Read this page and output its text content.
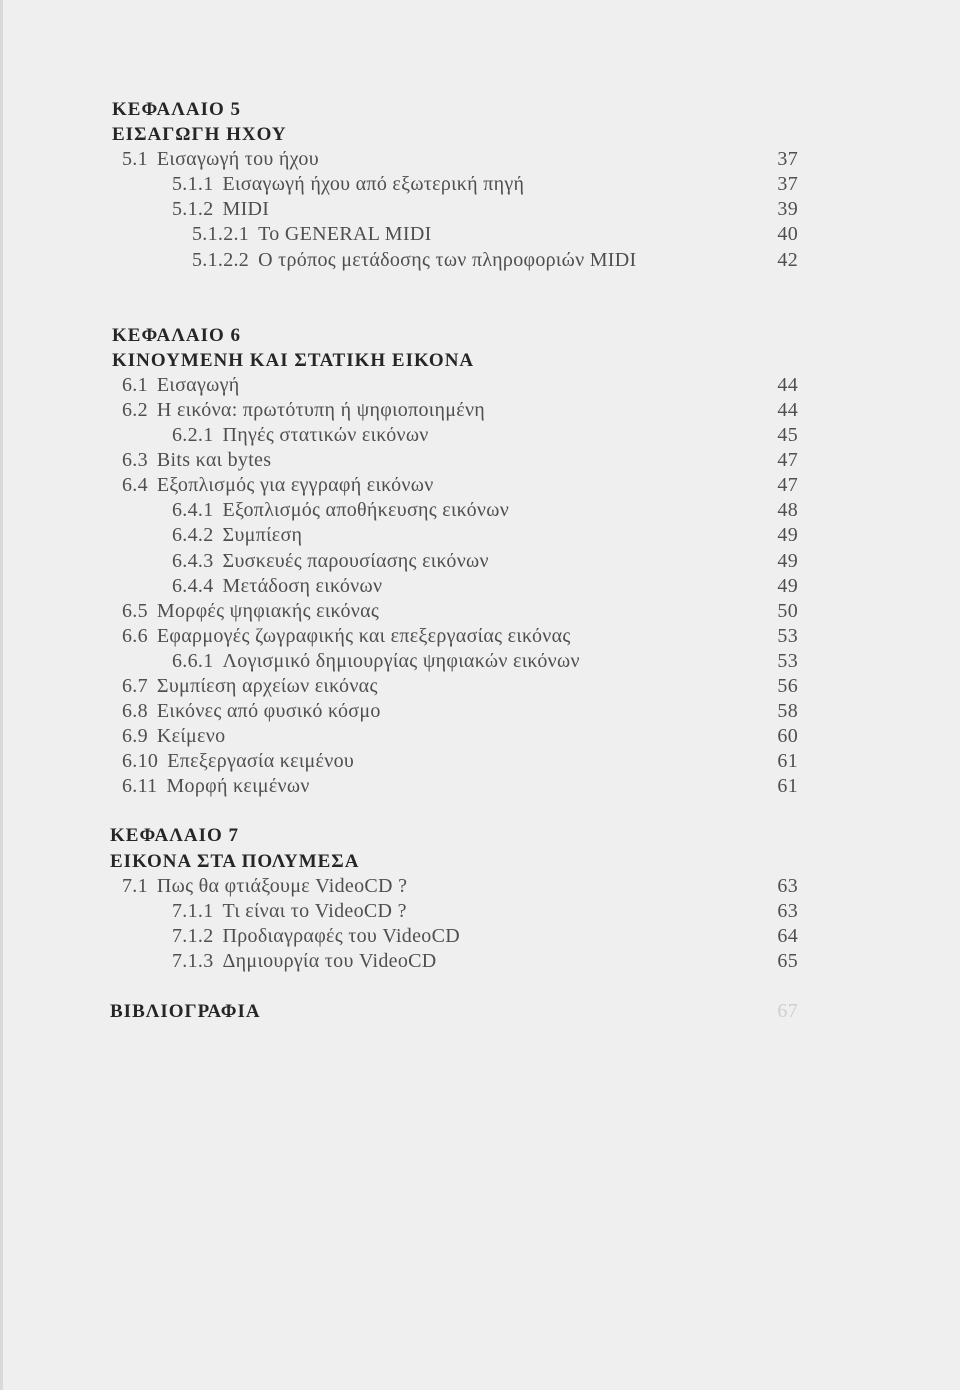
ΚΕΦΑΛΑΙΟ 5
ΕΙΣΑΓΩΓΗ ΗΧΟΥ
5.1 Εισαγωγή του ήχου	37
5.1.1 Εισαγωγή ήχου από εξωτερική πηγή	37
5.1.2 MIDI	39
5.1.2.1 To GENERAL MIDI	40
5.1.2.2 Ο τρόπος μετάδοσης των πληροφοριών MIDI	42
ΚΕΦΑΛΑΙΟ 6
ΚΙΝΟΥΜΕΝΗ ΚΑΙ ΣΤΑΤΙΚΗ ΕΙΚΟΝΑ
6.1 Εισαγωγή	44
6.2 Η εικόνα: πρωτότυπη ή ψηφιοποιημένη	44
6.2.1 Πηγές στατικών εικόνων	45
6.3 Bits και bytes	47
6.4 Εξοπλισμός για εγγραφή εικόνων	47
6.4.1 Εξοπλισμός αποθήκευσης εικόνων	48
6.4.2 Συμπίεση	49
6.4.3 Συσκευές παρουσίασης εικόνων	49
6.4.4 Μετάδοση εικόνων	49
6.5 Μορφές ψηφιακής εικόνας	50
6.6 Εφαρμογές ζωγραφικής και επεξεργασίας εικόνας	53
6.6.1 Λογισμικό δημιουργίας ψηφιακών εικόνων	53
6.7 Συμπίεση αρχείων εικόνας	56
6.8 Εικόνες από φυσικό κόσμο	58
6.9 Κείμενο	60
6.10 Επεξεργασία κειμένου	61
6.11 Μορφή κειμένων	61
ΚΕΦΑΛΑΙΟ 7
ΕΙΚΟΝΑ ΣΤΑ ΠΟΛΥΜΕΣΑ
7.1 Πως θα φτιάξουμε VideoCD ?	63
7.1.1 Τι είναι το VideoCD ?	63
7.1.2 Προδιαγραφές του VideoCD	64
7.1.3 Δημιουργία του VideoCD	65
ΒΙΒΛΙΟΓΡΑΦΙΑ	67
